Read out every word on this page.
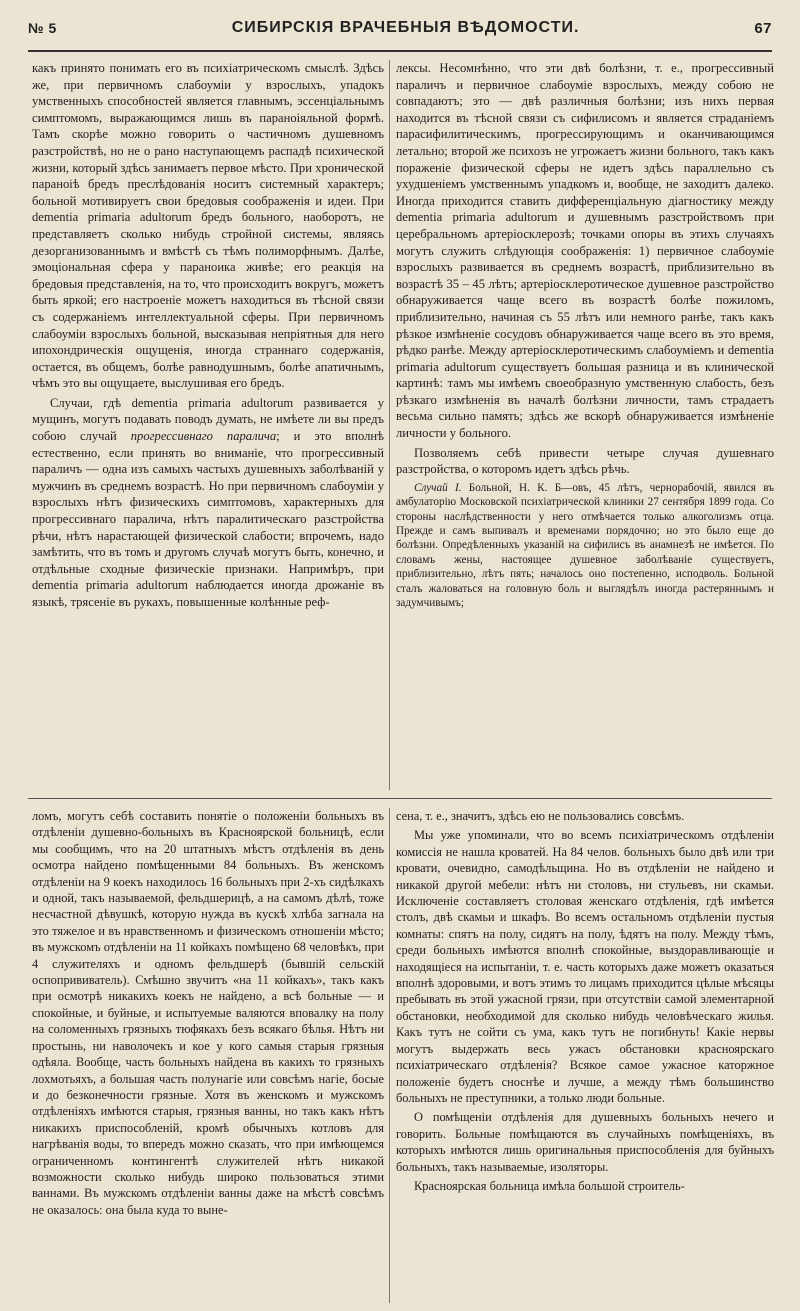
№ 5	СИБИРСКІЯ ВРАЧЕБНЫЯ ВѢДОМОСТИ.	67

какъ принято понимать его въ психіатрическомъ смыслѣ. Здѣсь же, при первичномъ слабоуміи у взрослыхъ, упадокъ умственныхъ способностей является главнымъ, эссенціальнымъ симптомомъ, выражающимся лишь въ параноіяльной формѣ. Тамъ скорѣе можно говорить о частичномъ душевномъ разстройствѣ, но не о рано наступающемъ распадѣ психической жизни, который здѣсь занимаетъ первое мѣсто. При хронической параноіѣ бредъ преслѣдованія носитъ системный характеръ; больной мотивируетъ свои бредовыя соображенія и идеи. При dementia primaria adultorum бредъ больного, наоборотъ, не представляетъ сколько нибудь стройной системы, являясь дезорганизованнымъ и вмѣстѣ съ тѣмъ полиморфнымъ. Далѣе, эмоціональная сфера у параноика живѣе; его реакція на бредовыя представленія, на то, что происходитъ вокругъ, можетъ быть яркой; его настроеніе можетъ находиться въ тѣсной связи съ содержаніемъ интеллектуальной сферы. При первичномъ слабоуміи взрослыхъ больной, высказывая непріятныя для него ипохондрическія ощущенія, иногда страннаго содержанія, остается, въ общемъ, болѣе равнодушнымъ, болѣе апатичнымъ, чѣмъ это вы ощущаете, выслушивая его бредъ.

Случаи, гдѣ dementia primaria adultorum развивается у мущинъ, могутъ подавать поводъ думать, не имѣете ли вы предъ собою случай прогрессивнаго паралича; и это вполнѣ естественно, если принять во вниманіе, что прогрессивный параличъ — одна изъ самыхъ частыхъ душевныхъ заболѣваній у мужчинъ въ среднемъ возрастѣ. Но при первичномъ слабоуміи у взрослыхъ нѣтъ физическихъ симптомовъ, характерныхъ для прогрессивнаго паралича, нѣтъ паралитическаго разстройства рѣчи, нѣтъ нарастающей физической слабости; впрочемъ, надо замѣтить, что въ томъ и другомъ случаѣ могутъ быть, конечно, и отдѣльные сходные физическіе признаки. Напримѣръ, при dementia primaria adultorum наблюдается иногда дрожаніе въ языкѣ, трясеніе въ рукахъ, повышенные колѣнные реф-

лексы. Несомнѣнно, что эти двѣ болѣзни, т. е., прогрессивный параличъ и первичное слабоуміе взрослыхъ, между собою не совпадаютъ; это — двѣ различныя болѣзни; изъ нихъ первая находится въ тѣсной связи съ сифилисомъ и является страданіемъ парасифилитическимъ, прогрессирующимъ и оканчивающимся летально; второй же психозъ не угрожаетъ жизни больного, такъ какъ пораженіе физической сферы не идетъ здѣсь параллельно съ ухудшеніемъ умственнымъ упадкомъ и, вообще, не заходитъ далеко. Иногда приходится ставить дифференціальную діагностику между dementia primaria adultorum и душевнымъ разстройствомъ при церебральномъ артеріосклерозѣ; точками опоры въ этихъ случаяхъ могутъ служить слѣдующія соображенія: 1) первичное слабоуміе взрослыхъ развивается въ среднемъ возрастѣ, приблизительно въ возрастѣ 35 – 45 лѣтъ; артеріосклеротическое душевное разстройство обнаруживается чаще всего въ возрастѣ болѣе пожиломъ, приблизительно, начиная съ 55 лѣтъ или немного ранѣе, такъ какъ рѣзкое измѣненіе сосудовъ обнаруживается чаще всего въ это время, рѣдко ранѣе. Между артеріосклеротическимъ слабоуміемъ и dementia primaria adultorum существуетъ большая разница и въ клинической картинѣ: тамъ мы имѣемъ своеобразную умственную слабость, безъ рѣзкаго измѣненія въ началѣ болѣзни личности, тамъ страдаетъ весьма сильно память; здѣсь же вскорѣ обнаруживается измѣненіе личности у больного.

Позволяемъ себѣ привести четыре случая душевнаго разстройства, о которомъ идетъ здѣсь рѣчь.

Случай I. Больной, Н. К. Б—овъ, 45 лѣтъ, чернорабочій, явился въ амбулаторію Московской психіатрической клиники 27 сентября 1899 года. Со стороны наслѣдственности у него отмѣчается только алкоголизмъ отца. Прежде и самъ выпивалъ и временами порядочно; но это было еще до болѣзни. Опредѣленныхъ указаній на сифилисъ въ анамнезѣ не имѣется. По словамъ жены, настоящее душевное заболѣваніе существуетъ, приблизительно, лѣтъ пять; началось оно постепенно, исподволь. Больной сталъ жаловаться на головную боль и выглядѣлъ иногда растеряннымъ и задумчивымъ;

ломъ, могутъ себѣ составить понятіе о положеніи больныхъ въ отдѣленіи душевно-больныхъ въ Красноярской больницѣ, если мы сообщимъ, что на 20 штатныхъ мѣстъ отдѣленія въ день осмотра найдено помѣщенными 84 больныхъ. Въ женскомъ отдѣленіи на 9 коекъ находилось 16 больныхъ при 2-хъ сидѣлкахъ и одной, такъ называемой, фельдшерицѣ, а на самомъ дѣлѣ, тоже несчастной дѣвушкѣ, которую нужда въ кускѣ хлѣба загнала на это тяжелое и въ нравственномъ и физическомъ отношеніи мѣсто; въ мужскомъ отдѣленіи на 11 койкахъ помѣщено 68 человѣкъ, при 4 служителяхъ и одномъ фельдшерѣ (бывшій сельскій оспопрививатель). Смѣшно звучитъ «на 11 койкахъ», такъ какъ при осмотрѣ никакихъ коекъ не найдено, а всѣ больные — и спокойные, и буйные, и испытуемые валяются вповалку на полу на соломенныхъ грязныхъ тюфякахъ безъ всякаго бѣлья. Нѣтъ ни простынь, ни наволочекъ и кое у кого самыя старыя грязныя одѣяла. Вообще, часть больныхъ найдена въ какихъ то грязныхъ лохмотьяхъ, а большая часть полунагіе или совсѣмъ нагіе, босые и до безконечности грязные. Хотя въ женскомъ и мужскомъ отдѣленіяхъ имѣются старыя, грязныя ванны, но такъ какъ нѣтъ никакихъ приспособленій, кромѣ обычныхъ котловъ для нагрѣванія воды, то впередъ можно сказать, что при имѣющемся ограниченномъ контингентѣ служителей нѣтъ никакой возможности сколько нибудь широко пользоваться этими ваннами. Въ мужскомъ отдѣленіи ванны даже на мѣстѣ совсѣмъ не оказалось: она была куда то выне-

сена, т. е., значитъ, здѣсь ею не пользовались совсѣмъ.

Мы уже упоминали, что во всемъ психіатрическомъ отдѣленіи комиссія не нашла кроватей. На 84 челов. больныхъ было двѣ или три кровати, очевидно, самодѣльщина. Но въ отдѣленіи не найдено и никакой другой мебели: нѣтъ ни столовъ, ни стульевъ, ни скамьи. Исключеніе составляетъ столовая женскаго отдѣленія, гдѣ имѣется столъ, двѣ скамьи и шкафъ. Во всемъ остальномъ отдѣленіи пустыя комнаты: спятъ на полу, сидятъ на полу, ѣдятъ на полу. Между тѣмъ, среди больныхъ имѣются вполнѣ спокойные, выздоравливающіе и находящіеся на испытаніи, т. е. часть которыхъ даже можетъ оказаться вполнѣ здоровыми, и вотъ этимъ то лицамъ приходится цѣлые мѣсяцы пребывать въ этой ужасной грязи, при отсутствіи самой элементарной обстановки, необходимой для сколько нибудь человѣческаго жилья. Какъ тутъ не сойти съ ума, какъ тутъ не погибнуть! Какіе нервы могутъ выдержать весь ужасъ обстановки красноярскаго психіатрическаго отдѣленія? Всякое самое ужасное каторжное положеніе будетъ сноснѣе и лучше, а между тѣмъ большинство больныхъ не преступники, а только люди больные.

О помѣщеніи отдѣленія для душевныхъ больныхъ нечего и говорить. Больные помѣщаются въ случайныхъ помѣщеніяхъ, въ которыхъ имѣются лишь оригинальныя приспособленія для буйныхъ больныхъ, такъ называемые, изоляторы.

Красноярская больница имѣла большой строитель-
